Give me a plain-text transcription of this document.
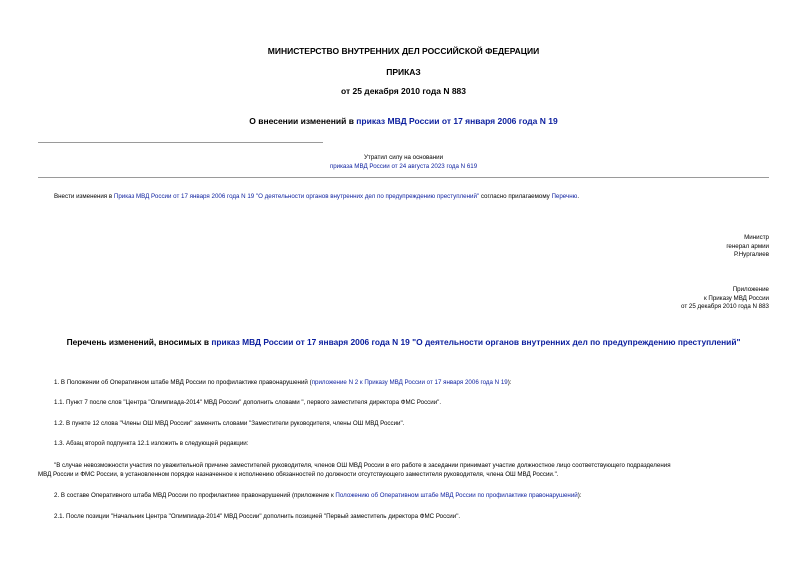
МИНИСТЕРСТВО ВНУТРЕННИХ ДЕЛ РОССИЙСКОЙ ФЕДЕРАЦИИ
ПРИКАЗ
от 25 декабря 2010 года N 883
О внесении изменений в приказ МВД России от 17 января 2006 года N 19
Утратил силу на основании
приказа МВД России от 24 августа 2023 года N 619
Внести изменения в Приказ МВД России от 17 января 2006 года N 19 "О деятельности органов внутренних дел по предупреждению преступлений" согласно прилагаемому Перечню.
Министр
генерал армии
Р.Нургалиев
Приложение
к Приказу МВД России
от 25 декабря 2010 года N 883
Перечень изменений, вносимых в приказ МВД России от 17 января 2006 года N 19 "О деятельности органов внутренних дел по предупреждению преступлений"
1. В Положении об Оперативном штабе МВД России по профилактике правонарушений (приложение N 2 к Приказу МВД России от 17 января 2006 года N 19):
1.1. Пункт 7 после слов "Центра "Олимпиада-2014" МВД России" дополнить словами ", первого заместителя директора ФМС России".
1.2. В пункте 12 слова "Члены ОШ МВД России" заменить словами "Заместители руководителя, члены ОШ МВД России".
1.3. Абзац второй подпункта 12.1 изложить в следующей редакции:
"В случае невозможности участия по уважительной причине заместителей руководителя, членов ОШ МВД России в его работе в заседании принимает участие должностное лицо соответствующего подразделения
МВД России и ФМС России, в установленном порядке назначенное к исполнению обязанностей по должности отсутствующего заместителя руководителя, члена ОШ МВД России.".
2. В составе Оперативного штаба МВД России по профилактике правонарушений (приложение к Положению об Оперативном штабе МВД России по профилактике правонарушений):
2.1. После позиции "Начальник Центра "Олимпиада-2014" МВД России" дополнить позицией "Первый заместитель директора ФМС России".
